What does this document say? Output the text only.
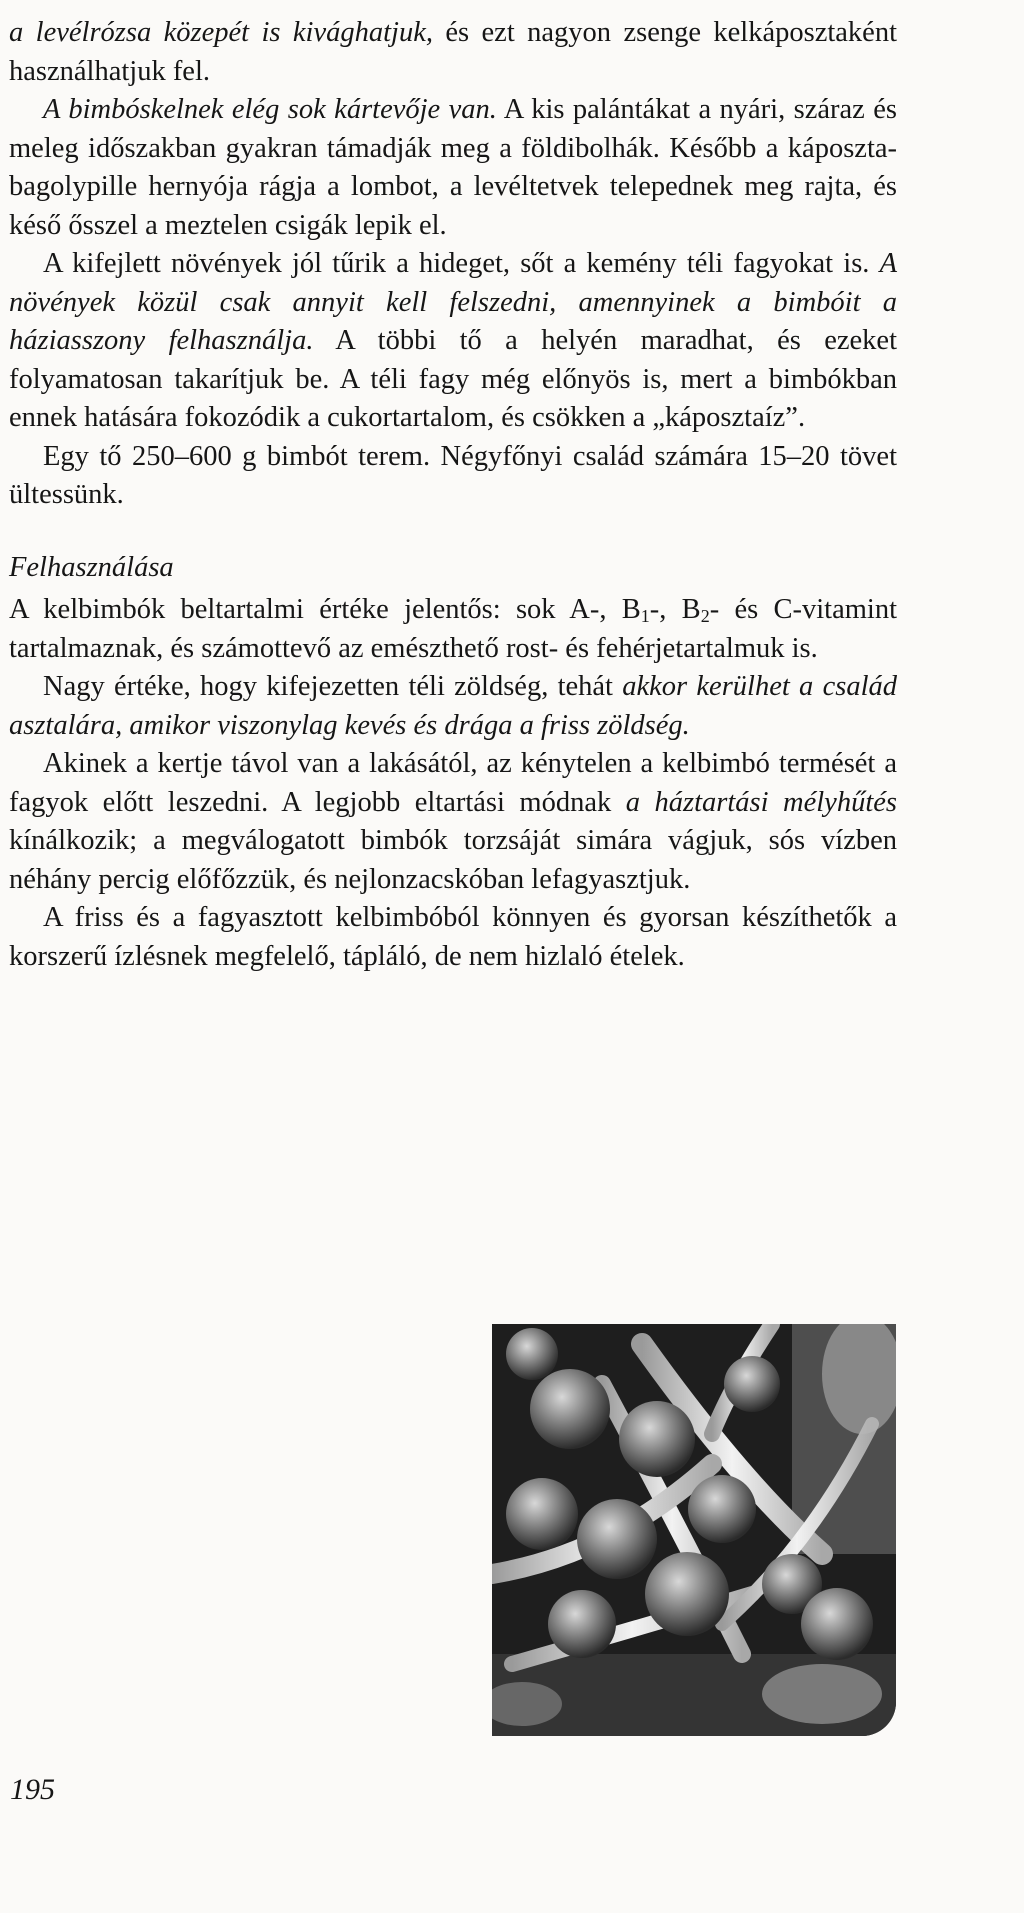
a levélrózsa közepét is kivághatjuk, és ezt nagyon zsenge kelkáposztaként használhatjuk fel.

A bimbóskelnek elég sok kártevője van. A kis palántákat a nyári, száraz és meleg időszakban gyakran támadják meg a földibolhák. Később a káposzta- bagolypille hernyója rágja a lombot, a levéltetvek telepednek meg rajta, és késő ősszel a meztelen csigák lepik el.

A kifejlett növények jól tűrik a hideget, sőt a kemény téli fagyokat is. A növények közül csak annyit kell felszedni, amennyinek a bimbóit a háziasszony felhasználja. A többi tő a helyén maradhat, és ezeket folyamatosan takarítjuk be. A téli fagy még előnyös is, mert a bimbókban ennek hatására fokozódik a cukortartalom, és csökken a „káposztaíz”.

Egy tő 250–600 g bimbót terem. Négyfőnyi család számára 15–20 tövet ültessünk.

Felhasználása

A kelbimbók beltartalmi értéke jelentős: sok A-, $B_1-$, $B_2-$ és C-vitamint tartalmaznak, és számottevő az emészthető rost- és fehérjetartalmuk is.

Nagy értéke, hogy kifejezetten téli zöldség, tehát akkor kerülhet a család asztalára, amikor viszonylag kevés és drága a friss zöldség.

Akinek a kertje távol van a lakásától, az kénytelen a kelbimbó termését a fagyok előtt leszedni. A legjobb eltartási módnak a háztartási mélyhűtés kínálkozik; a megválogatott bimbók torzsáját simára vágjuk, sós vízben néhány percig előfőzzük, és nejlonzacskóban lefagyasztjuk.

A friss és a fagyasztott kelbimbóból könnyen és gyorsan készíthetők a korszerű ízlésnek megfelelő, tápláló, de nem hizlaló ételek.

195
